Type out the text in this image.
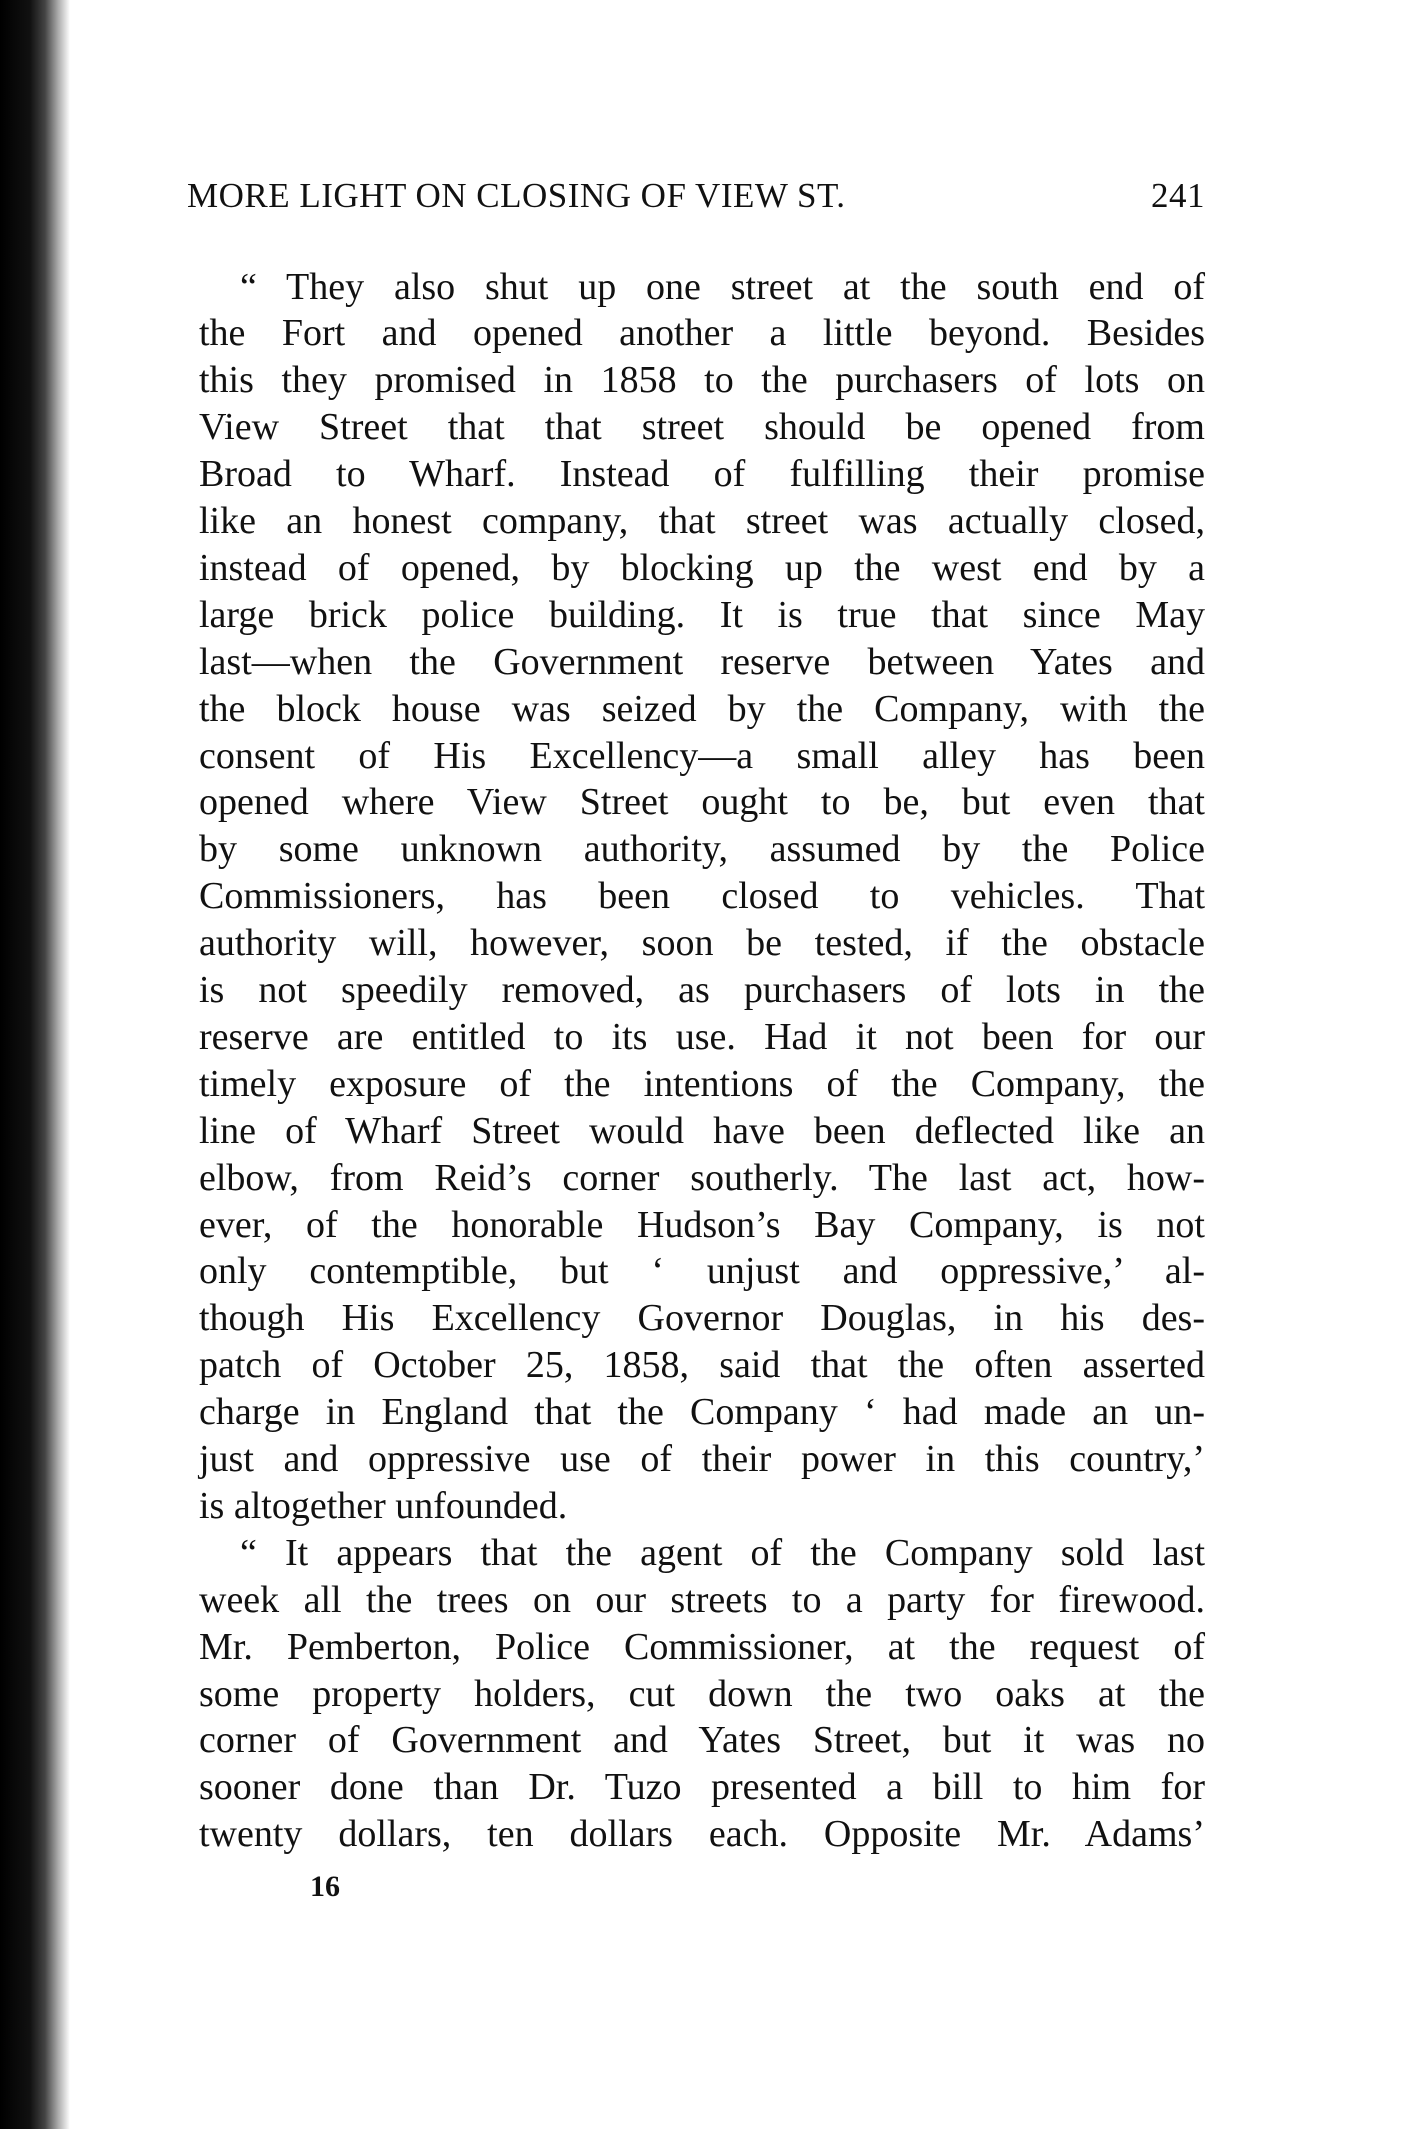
MORE LIGHT ON CLOSING OF VIEW ST.	241
“ They also shut up one street at the south end of
the Fort and opened another a little beyond. Besides
this they promised in 1858 to the purchasers of lots on
View Street that that street should be opened from
Broad to Wharf. Instead of fulfilling their promise
like an honest company, that street was actually closed,
instead of opened, by blocking up the west end by a
large brick police building. It is true that since May
last—when the Government reserve between Yates and
the block house was seized by the Company, with the
consent of His Excellency—a small alley has been
opened where View Street ought to be, but even that
by some unknown authority, assumed by the Police
Commissioners, has been closed to vehicles. That
authority will, however, soon be tested, if the obstacle
is not speedily removed, as purchasers of lots in the
reserve are entitled to its use. Had it not been for our
timely exposure of the intentions of the Company, the
line of Wharf Street would have been deflected like an
elbow, from Reid’s corner southerly. The last act, how-
ever, of the honorable Hudson’s Bay Company, is not
only contemptible, but ‘ unjust and oppressive,’ al-
though His Excellency Governor Douglas, in his des-
patch of October 25, 1858, said that the often asserted
charge in England that the Company ‘ had made an un-
just and oppressive use of their power in this country,’
is altogether unfounded.
“ It appears that the agent of the Company sold last
week all the trees on our streets to a party for firewood.
Mr. Pemberton, Police Commissioner, at the request of
some property holders, cut down the two oaks at the
corner of Government and Yates Street, but it was no
sooner done than Dr. Tuzo presented a bill to him for
twenty dollars, ten dollars each. Opposite Mr. Adams’
16
